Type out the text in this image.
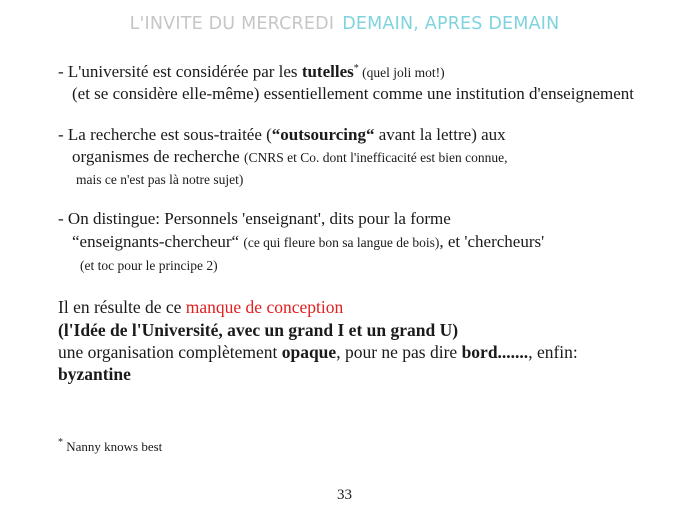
L'INVITE DU MERCREDI DEMAIN, APRES DEMAIN
- L'université est considérée par les tutelles* (quel joli mot!)
(et se considère elle-même) essentiellement comme une institution d'enseignement
- La recherche est sous-traitée (“outsourcing“ avant la lettre) aux
organismes de recherche (CNRS et Co. dont l'inefficacité est bien connue,
mais ce n'est pas là notre sujet)
- On distingue: Personnels 'enseignant', dits pour la forme
“enseignants-chercheur“ (ce qui fleure bon sa langue de bois), et 'chercheurs'
(et toc pour le principe 2)
Il en résulte de ce manque de conception
(l'Idée de l'Université, avec un grand I et un grand U)
une organisation complètement opaque, pour ne pas dire bord......., enfin:
byzantine
* Nanny knows best
33
